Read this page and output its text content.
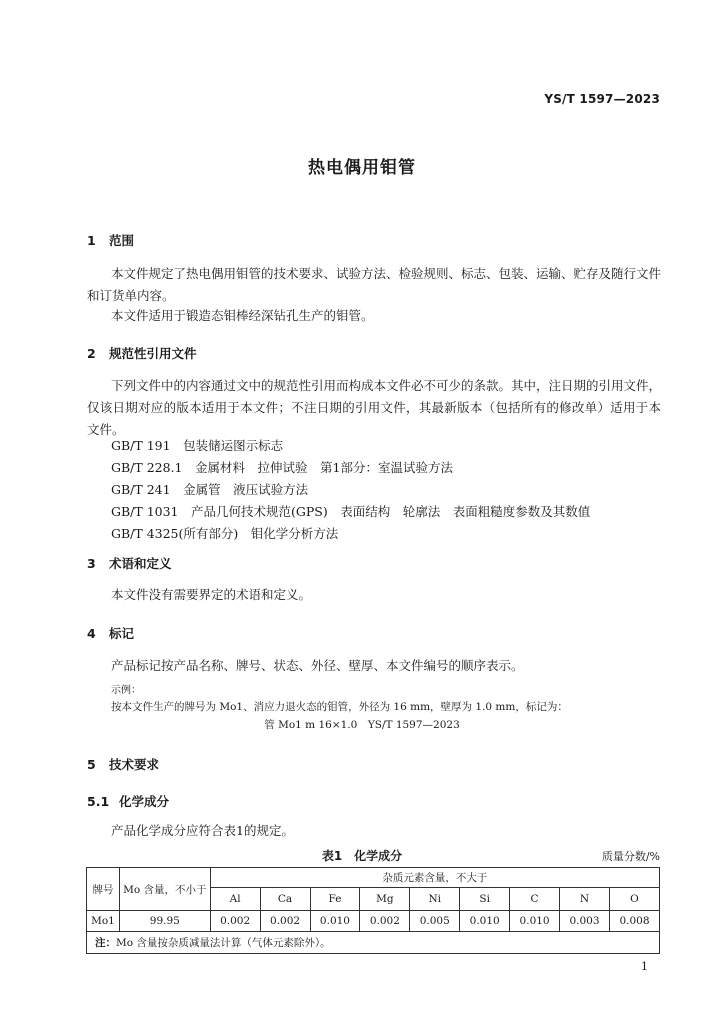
YS/T 1597—2023
热电偶用钼管
1 范围
本文件规定了热电偶用钼管的技术要求、试验方法、检验规则、标志、包装、运输、贮存及随行文件和订货单内容。
本文件适用于锻造态钼棒经深钻孔生产的钼管。
2 规范性引用文件
下列文件中的内容通过文中的规范性引用而构成本文件必不可少的条款。其中，注日期的引用文件，仅该日期对应的版本适用于本文件；不注日期的引用文件，其最新版本（包括所有的修改单）适用于本文件。
GB/T 191　 包装储运图示标志
GB/T 228.1　 金属材料　拉伸试验　第1部分：室温试验方法
GB/T 241　 金属管　液压试验方法
GB/T 1031　 产品几何技术规范(GPS)　表面结构　轮廓法　表面粗糙度参数及其数值
GB/T 4325(所有部分)　 钼化学分析方法
3 术语和定义
本文件没有需要界定的术语和定义。
4 标记
产品标记按产品名称、牌号、状态、外径、壁厚、本文件编号的顺序表示。
示例：
按本文件生产的牌号为 Mo1、消应力退火态的钼管，外径为 16 mm，壁厚为 1.0 mm，标记为：
管 Mo1 m 16×1.0　YS/T 1597—2023
5 技术要求
5.1 化学成分
产品化学成分应符合表1的规定。
表1　化学成分	质量分数/%
牌号	Mo 含量，不小于	杂质元素含量，不大于								
		Al	Ca	Fe	Mg	Ni	Si	C	N	O
Mo1	99.95	0.002	0.002	0.010	0.002	0.005	0.010	0.010	0.003	0.008
注：Mo 含量按杂质减量法计算（气体元素除外）。										
1
